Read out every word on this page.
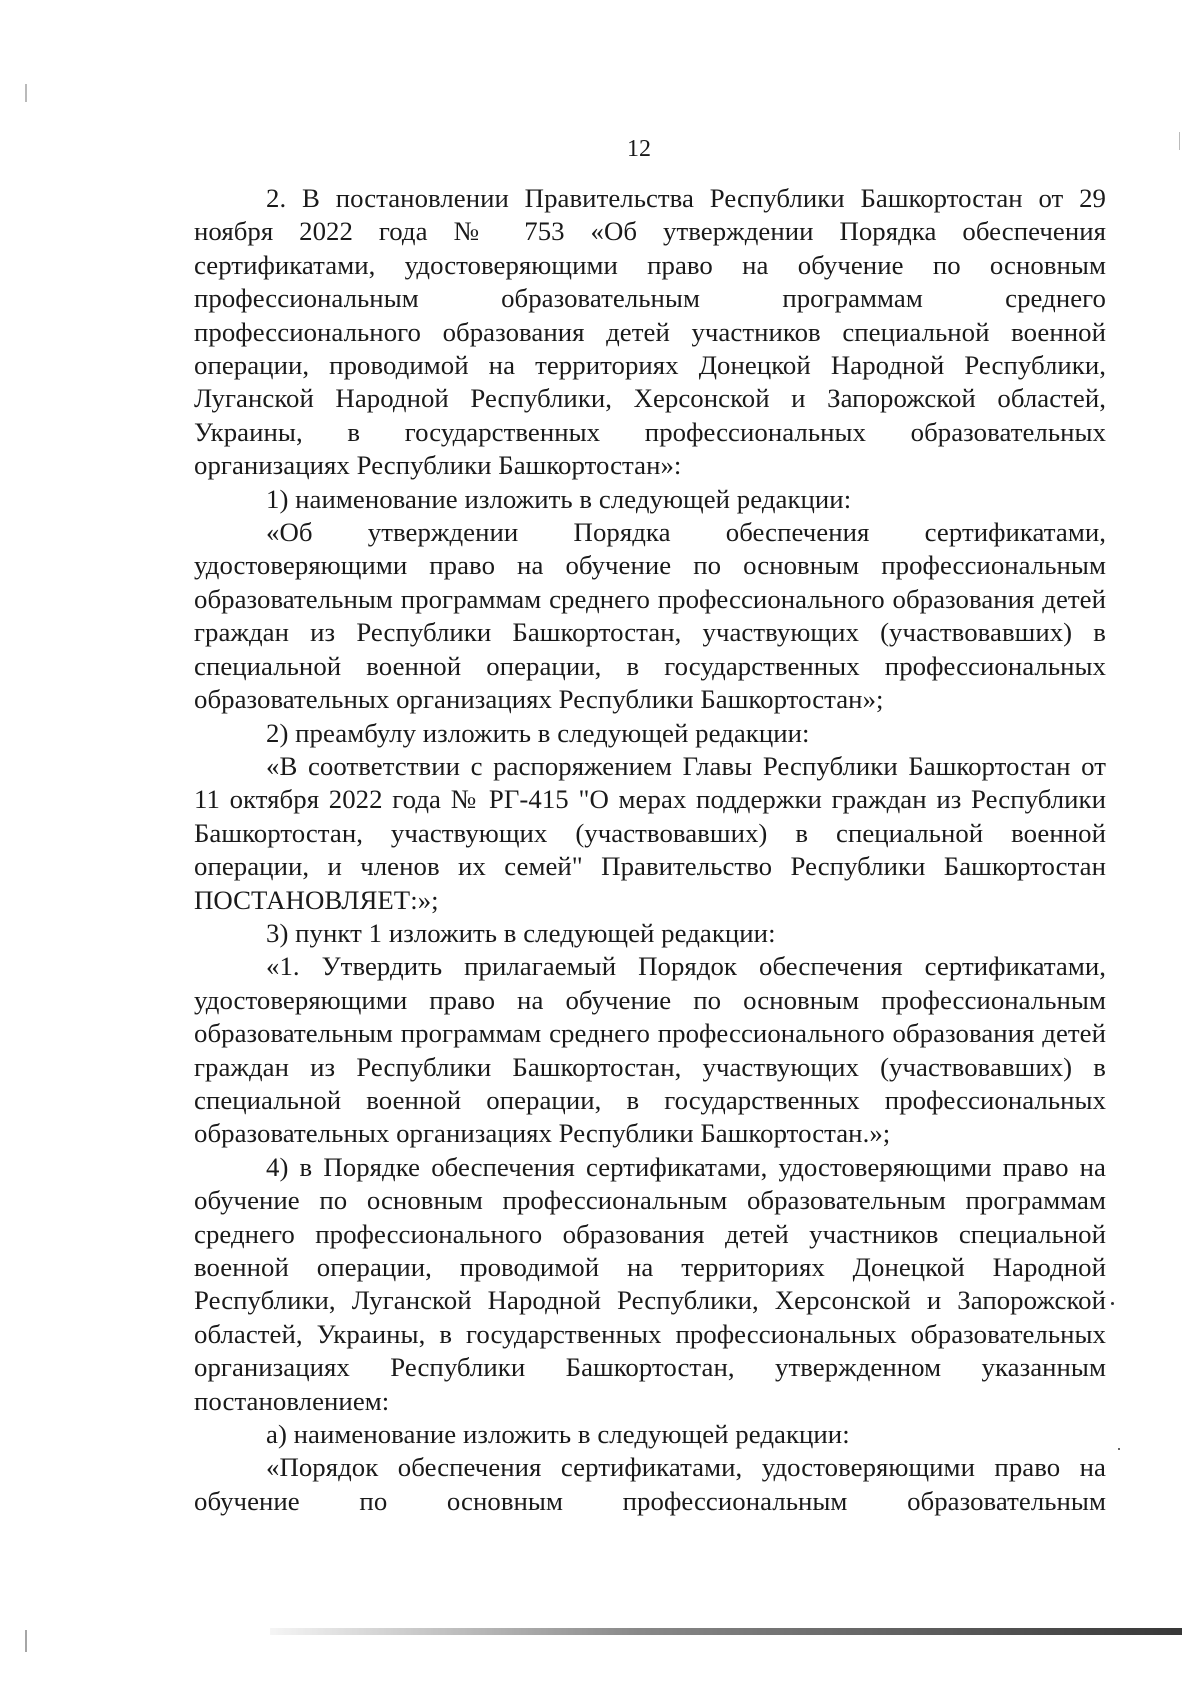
12

2. В постановлении Правительства Республики Башкортостан от 29 ноября 2022 года № 753 «Об утверждении Порядка обеспечения сертификатами, удостоверяющими право на обучение по основным профессиональным образовательным программам среднего профессионального образования детей участников специальной военной операции, проводимой на территориях Донецкой Народной Республики, Луганской Народной Республики, Херсонской и Запорожской областей, Украины, в государственных профессиональных образовательных организациях Республики Башкортостан»:

1) наименование изложить в следующей редакции:

«Об утверждении Порядка обеспечения сертификатами, удостоверяющими право на обучение по основным профессиональным образовательным программам среднего профессионального образования детей граждан из Республики Башкортостан, участвующих (участвовавших) в специальной военной операции, в государственных профессиональных образовательных организациях Республики Башкортостан»;

2) преамбулу изложить в следующей редакции:

«В соответствии с распоряжением Главы Республики Башкортостан от 11 октября 2022 года № РГ-415 "О мерах поддержки граждан из Республики Башкортостан, участвующих (участвовавших) в специальной военной операции, и членов их семей" Правительство Республики Башкортостан ПОСТАНОВЛЯЕТ:»;

3) пункт 1 изложить в следующей редакции:

«1. Утвердить прилагаемый Порядок обеспечения сертификатами, удостоверяющими право на обучение по основным профессиональным образовательным программам среднего профессионального образования детей граждан из Республики Башкортостан, участвующих (участвовавших) в специальной военной операции, в государственных профессиональных образовательных организациях Республики Башкортостан.»;

4) в Порядке обеспечения сертификатами, удостоверяющими право на обучение по основным профессиональным образовательным программам среднего профессионального образования детей участников специальной военной операции, проводимой на территориях Донецкой Народной Республики, Луганской Народной Республики, Херсонской и Запорожской областей, Украины, в государственных профессиональных образовательных организациях Республики Башкортостан, утвержденном указанным постановлением:

а) наименование изложить в следующей редакции:

«Порядок обеспечения сертификатами, удостоверяющими право на обучение по основным профессиональным образовательным
